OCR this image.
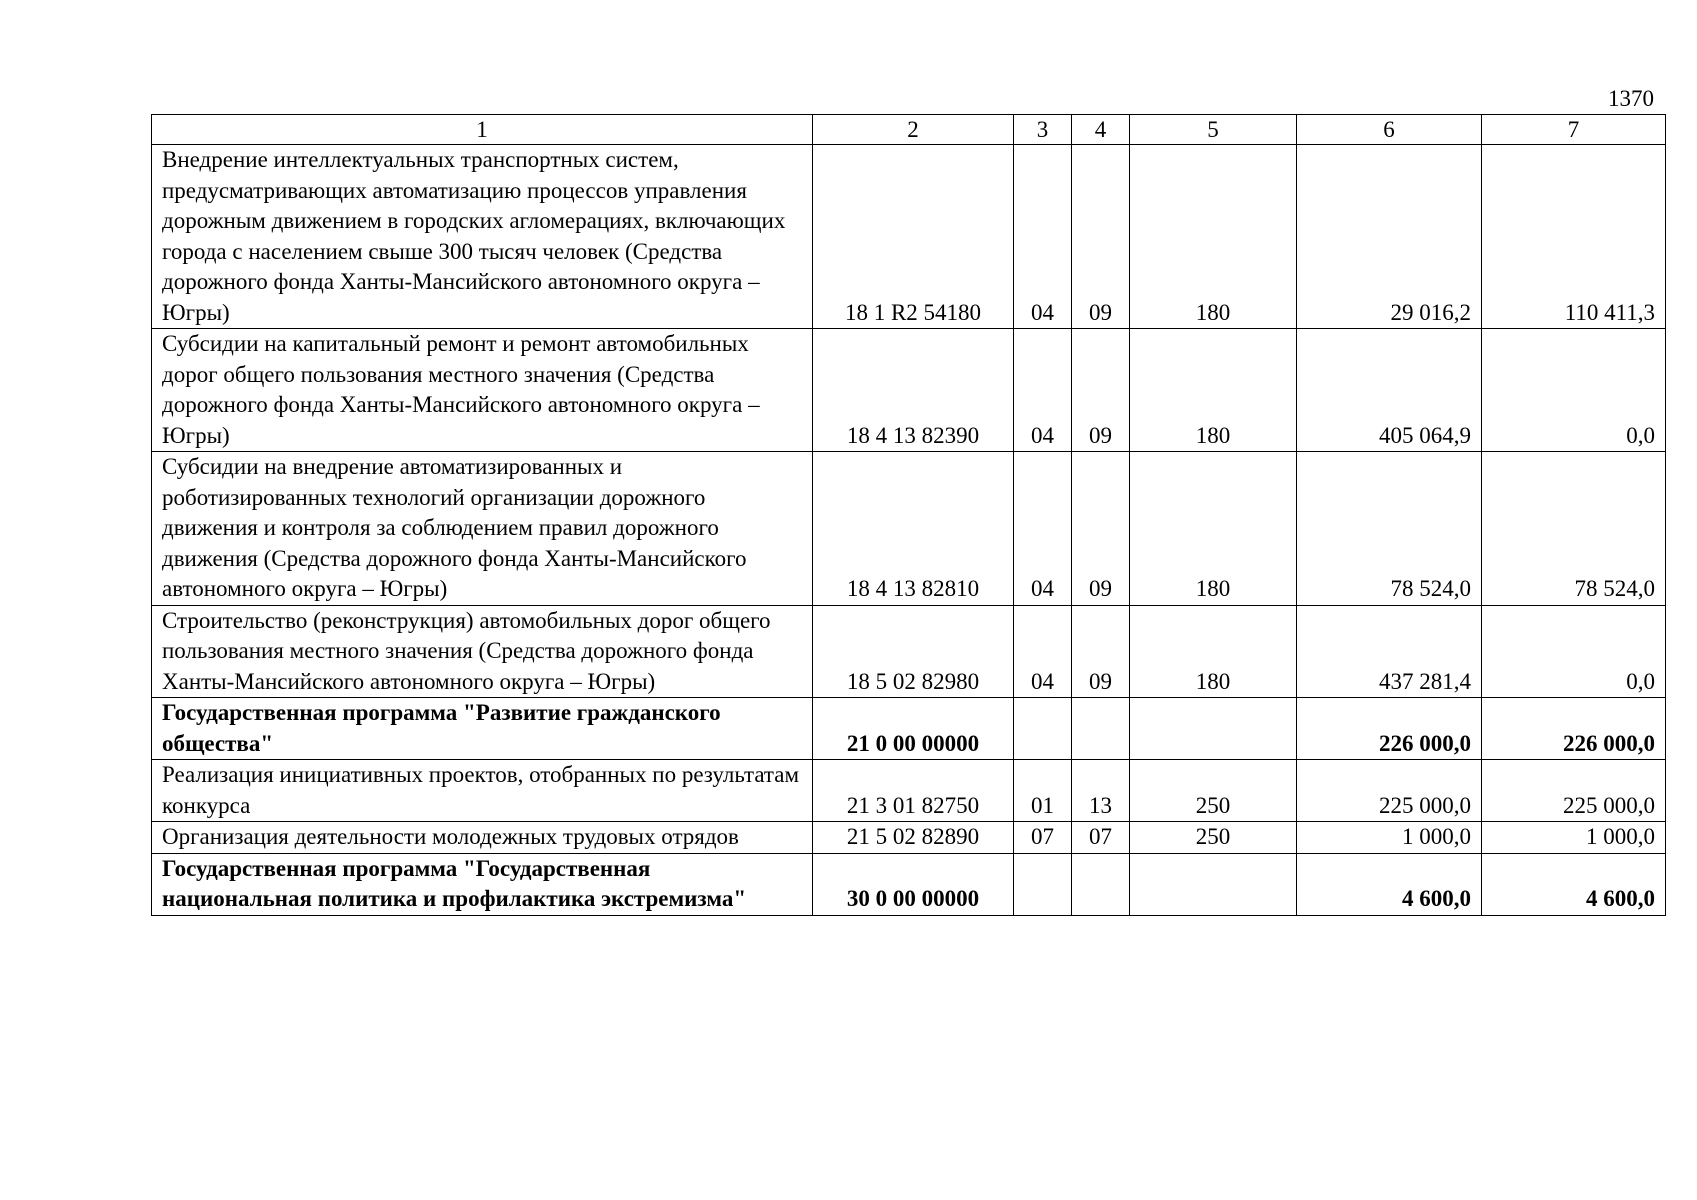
1370
1	2	3	4	5	6	7
Внедрение интеллектуальных транспортных систем, предусматривающих автоматизацию процессов управления дорожным движением в городских агломерациях, включающих города с населением свыше 300 тысяч человек (Средства дорожного фонда Ханты-Мансийского автономного округа – Югры)	18 1 R2 54180	04	09	180	29 016,2	110 411,3
Субсидии на капитальный ремонт и ремонт автомобильных дорог общего пользования местного значения (Средства дорожного фонда Ханты-Мансийского автономного округа – Югры)	18 4 13 82390	04	09	180	405 064,9	0,0
Субсидии на внедрение автоматизированных и роботизированных технологий организации дорожного движения и контроля за соблюдением правил дорожного движения (Средства дорожного фонда Ханты-Мансийского автономного округа – Югры)	18 4 13 82810	04	09	180	78 524,0	78 524,0
Строительство (реконструкция) автомобильных дорог общего пользования местного значения (Средства дорожного фонда Ханты-Мансийского автономного округа – Югры)	18 5 02 82980	04	09	180	437 281,4	0,0
Государственная программа "Развитие гражданского общества"	21 0 00 00000				226 000,0	226 000,0
Реализация инициативных проектов, отобранных по результатам конкурса	21 3 01 82750	01	13	250	225 000,0	225 000,0
Организация деятельности молодежных трудовых отрядов	21 5 02 82890	07	07	250	1 000,0	1 000,0
Государственная программа "Государственная национальная политика и профилактика экстремизма"	30 0 00 00000				4 600,0	4 600,0
